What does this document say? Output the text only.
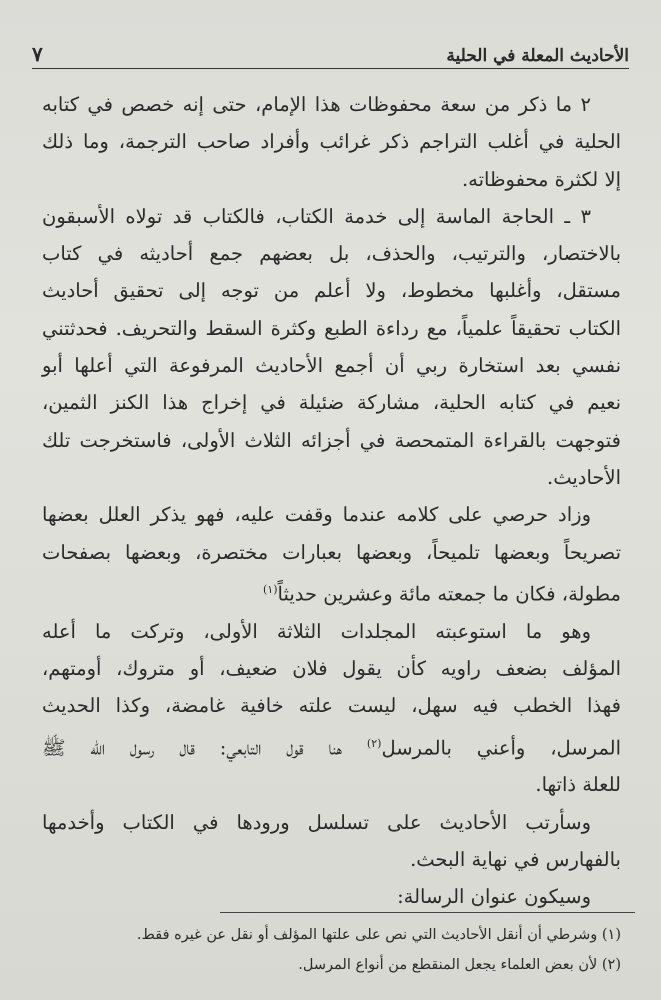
الأحاديث المعلة في الحلية
٧

٢ ما ذكر من سعة محفوظات هذا الإمام، حتى إنه خصص في كتابه
الحلية في أغلب التراجم ذكر غرائب وأفراد صاحب الترجمة، وما ذلك
إلا لكثرة محفوظاته.

٣ ـ الحاجة الماسة إلى خدمة الكتاب، فالكتاب قد تولاه الأسبقون
بالاختصار، والترتيب، والحذف، بل بعضهم جمع أحاديثه في كتاب
مستقل، وأغلبها مخطوط، ولا أعلم من توجه إلى تحقيق أحاديث
الكتاب تحقيقاً علمياً، مع رداءة الطبع وكثرة السقط والتحريف. فحدثتني
نفسي بعد استخارة ربي أن أجمع الأحاديث المرفوعة التي أعلها أبو
نعيم في كتابه الحلية، مشاركة ضئيلة في إخراج هذا الكنز الثمين،
فتوجهت بالقراءة المتمحصة في أجزائه الثلاث الأولى، فاستخرجت تلك
الأحاديث.

وزاد حرصي على كلامه عندما وقفت عليه، فهو يذكر العلل بعضها
تصريحاً وبعضها تلميحاً، وبعضها بعبارات مختصرة، وبعضها بصفحات
مطولة، فكان ما جمعته مائة وعشرين حديثاً$^{(١)}$

وهو ما استوعبته المجلدات الثلاثة الأولى، وتركت ما أعله
المؤلف بضعف راويه كأن يقول فلان ضعيف، أو متروك، أومتهم،
فهذا الخطب فيه سهل، ليست علته خافية غامضة، وكذا الحديث
المرسل، وأعني بالمرسل$^{(٢)}$ هنا قول التابعي: قال رسول الله ﷺ
للعلة ذاتها.

وسأرتب الأحاديث على تسلسل ورودها في الكتاب وأخدمها
بالفهارس في نهاية البحث.

وسيكون عنوان الرسالة:

(١) وشرطي أن أنقل الأحاديث التي نص على علتها المؤلف أو نقل عن غيره فقط.
(٢) لأن بعض العلماء يجعل المنقطع من أنواع المرسل.
